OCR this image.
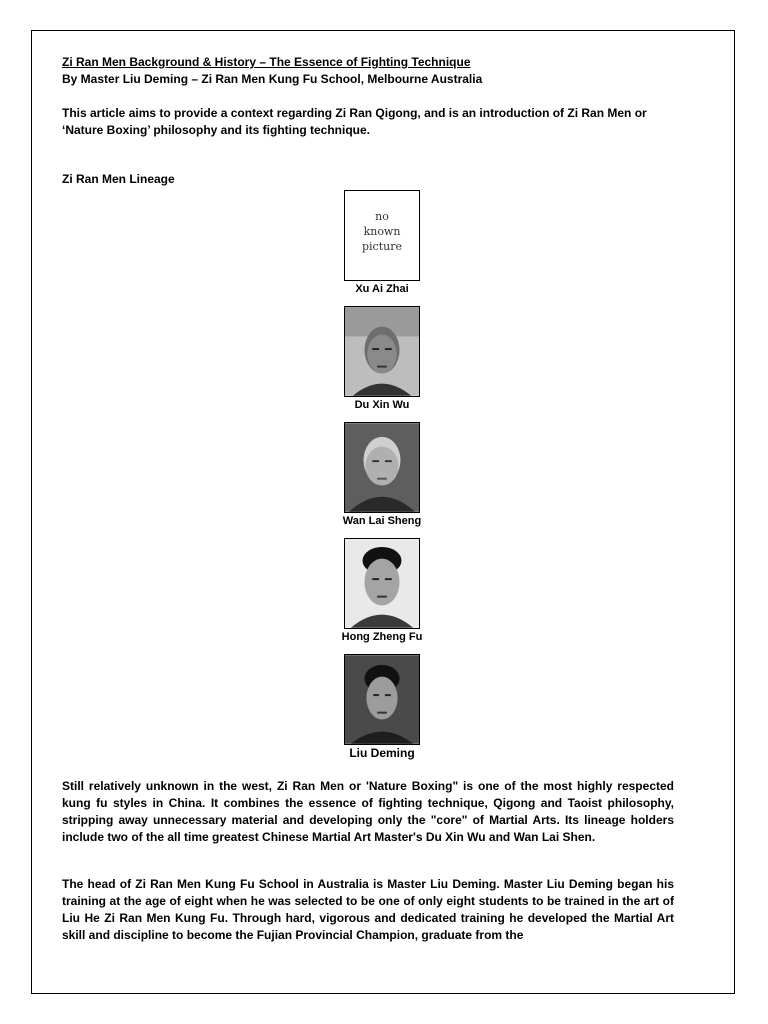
Zi Ran Men Background & History – The Essence of Fighting Technique

By Master Liu Deming – Zi Ran Men Kung Fu School, Melbourne Australia

This article aims to provide a context regarding Zi Ran Qigong, and is an introduction of Zi Ran Men or ‘Nature Boxing’ philosophy and its fighting technique.

Zi Ran Men Lineage

no
known
picture
Xu Ai Zhai
Du Xin Wu
Wan Lai Sheng
Hong Zheng Fu
Liu Deming

Still relatively unknown in the west, Zi Ran Men or 'Nature Boxing" is one of the most highly respected kung fu styles in China. It combines the essence of fighting technique, Qigong and Taoist philosophy, stripping away unnecessary material and developing only the "core" of Martial Arts. Its lineage holders include two of the all time greatest Chinese Martial Art Master's Du Xin Wu and Wan Lai Shen.

The head of Zi Ran Men Kung Fu School in Australia is Master Liu Deming. Master Liu Deming began his training at the age of eight when he was selected to be one of only eight students to be trained in the art of Liu He Zi Ran Men Kung Fu. Through hard, vigorous and dedicated training he developed the Martial Art skill and discipline to become the Fujian Provincial Champion, graduate from the
